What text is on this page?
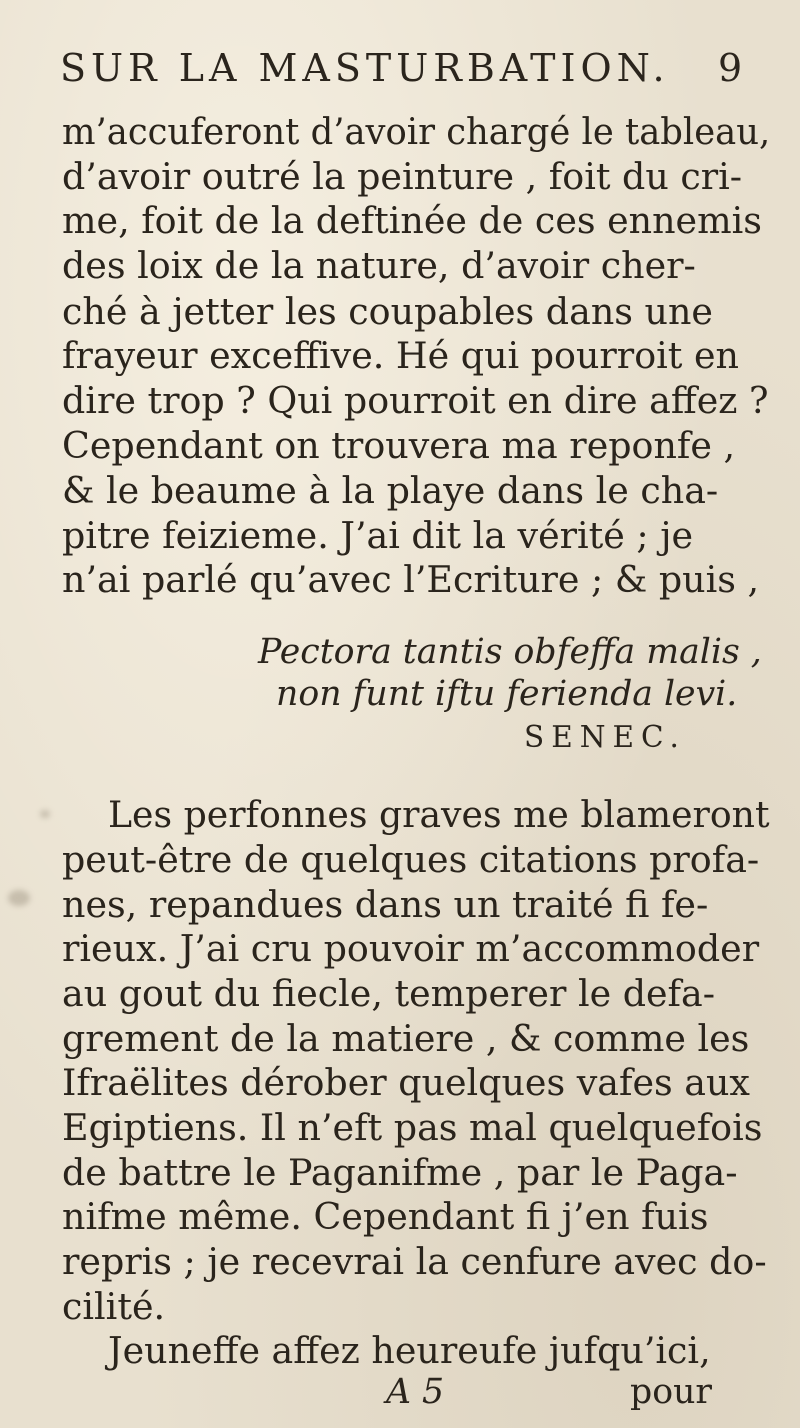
SUR LA MASTURBATION. 9
m’accuferont d’avoir chargé le tableau,
d’avoir outré la peinture , foit du cri-
me, foit de la deftinée de ces ennemis
des loix de la nature, d’avoir cher-
ché à jetter les coupables dans une
frayeur exceffive. Hé qui pourroit en
dire trop ? Qui pourroit en dire affez ?
Cependant on trouvera ma reponfe ,
& le beaume à la playe dans le cha-
pitre feizieme. J’ai dit la vérité ; je
n’ai parlé qu’avec l’Ecriture ; & puis ,
Pectora tantis obfeffa malis ,
non funt iftu ferienda levi.
SENEC.
Les perfonnes graves me blameront
peut-être de quelques citations profa-
nes, repandues dans un traité fi fe-
rieux. J’ai cru pouvoir m’accommoder
au gout du fiecle, temperer le defa-
grement de la matiere , & comme les
Ifraëlites dérober quelques vafes aux
Egiptiens. Il n’eft pas mal quelquefois
de battre le Paganifme , par le Paga-
nifme même. Cependant fi j’en fuis
repris ; je recevrai la cenfure avec do-
cilité.
Jeuneffe affez heureufe jufqu’ici,
A 5	pour
